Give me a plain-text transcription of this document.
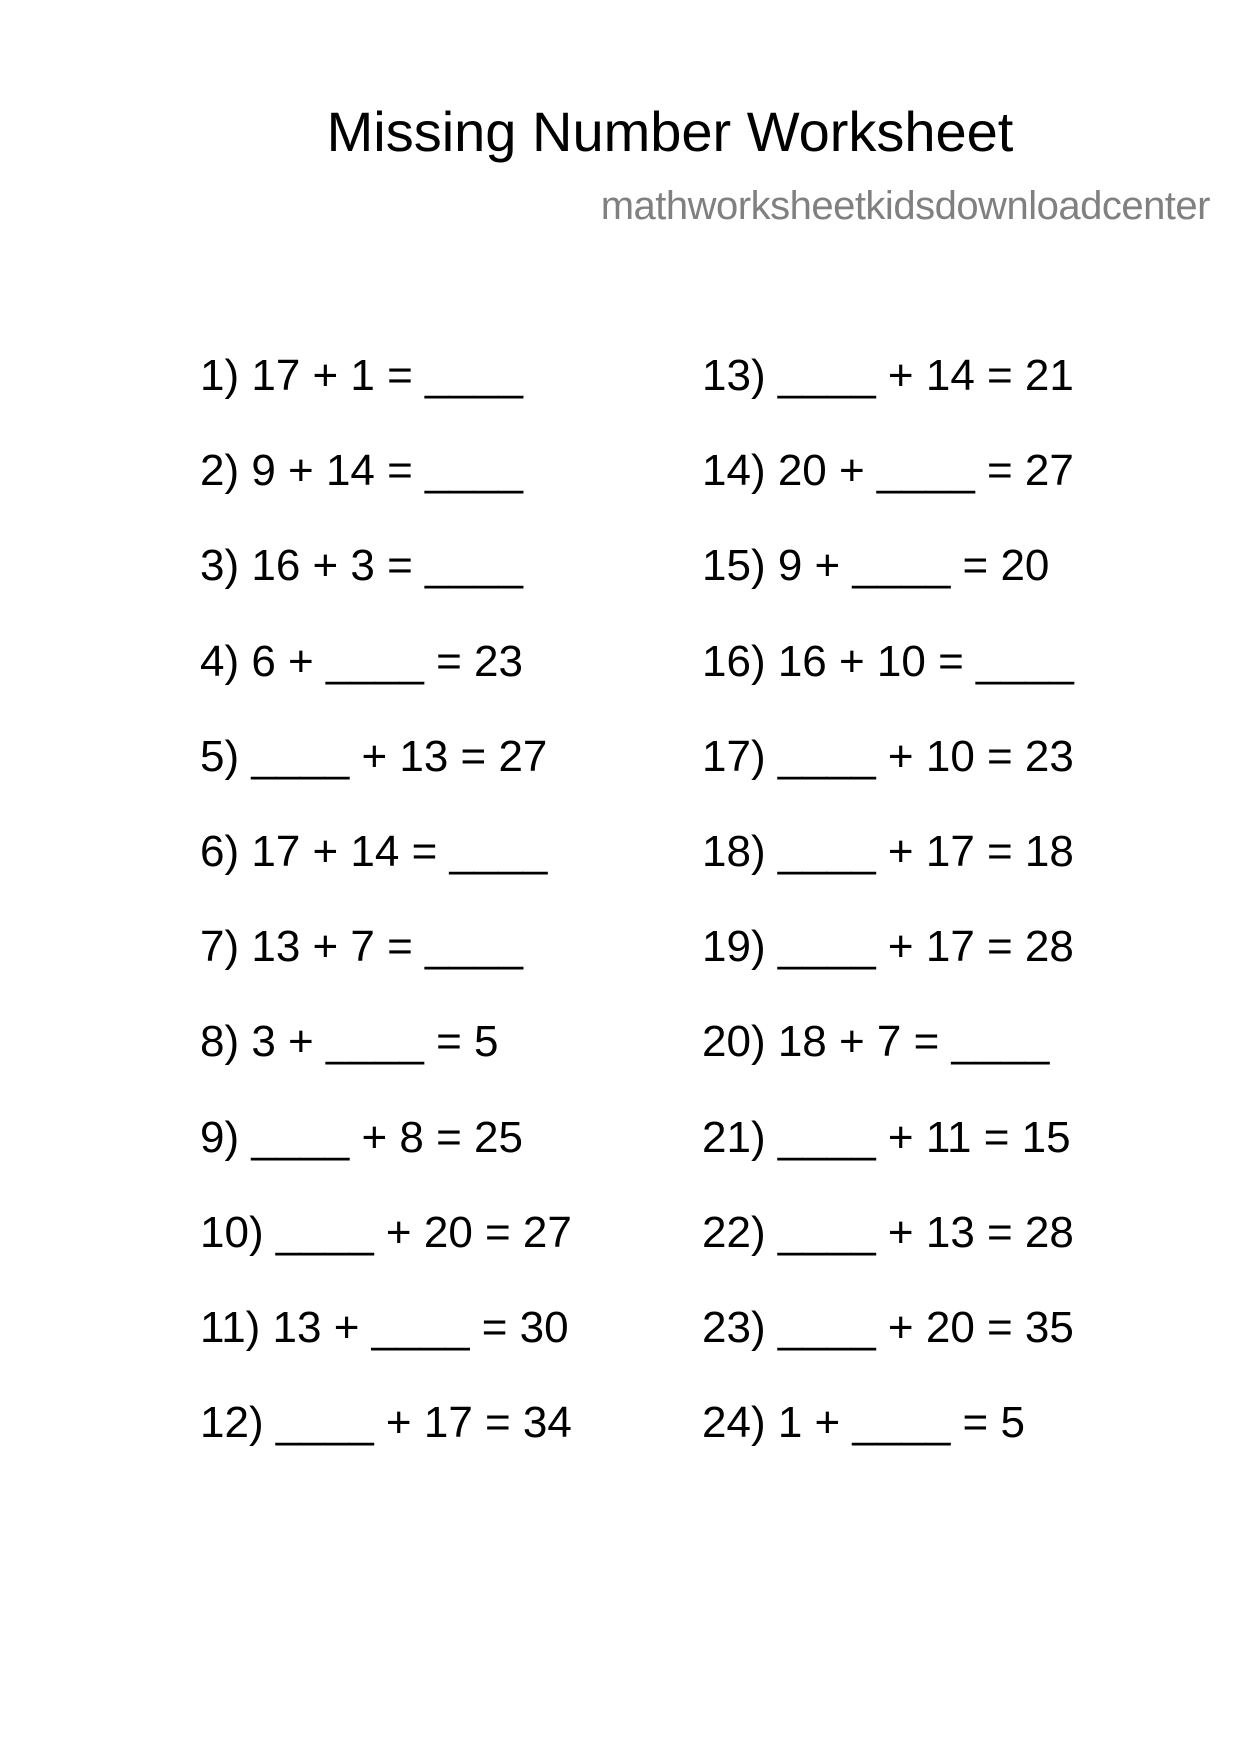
Missing Number Worksheet
mathworksheetkidsdownloadcenter
1) 17 + 1 = ____
2) 9 + 14 = ____
3) 16 + 3 = ____
4) 6 + ____ = 23
5) ____ + 13 = 27
6) 17 + 14 = ____
7) 13 + 7 = ____
8) 3 + ____ = 5
9) ____ + 8 = 25
10) ____ + 20 = 27
11) 13 + ____ = 30
12) ____ + 17 = 34
13) ____ + 14 = 21
14) 20 + ____ = 27
15) 9 + ____ = 20
16) 16 + 10 = ____
17) ____ + 10 = 23
18) ____ + 17 = 18
19) ____ + 17 = 28
20) 18 + 7 = ____
21) ____ + 11 = 15
22) ____ + 13 = 28
23) ____ + 20 = 35
24) 1 + ____ = 5
